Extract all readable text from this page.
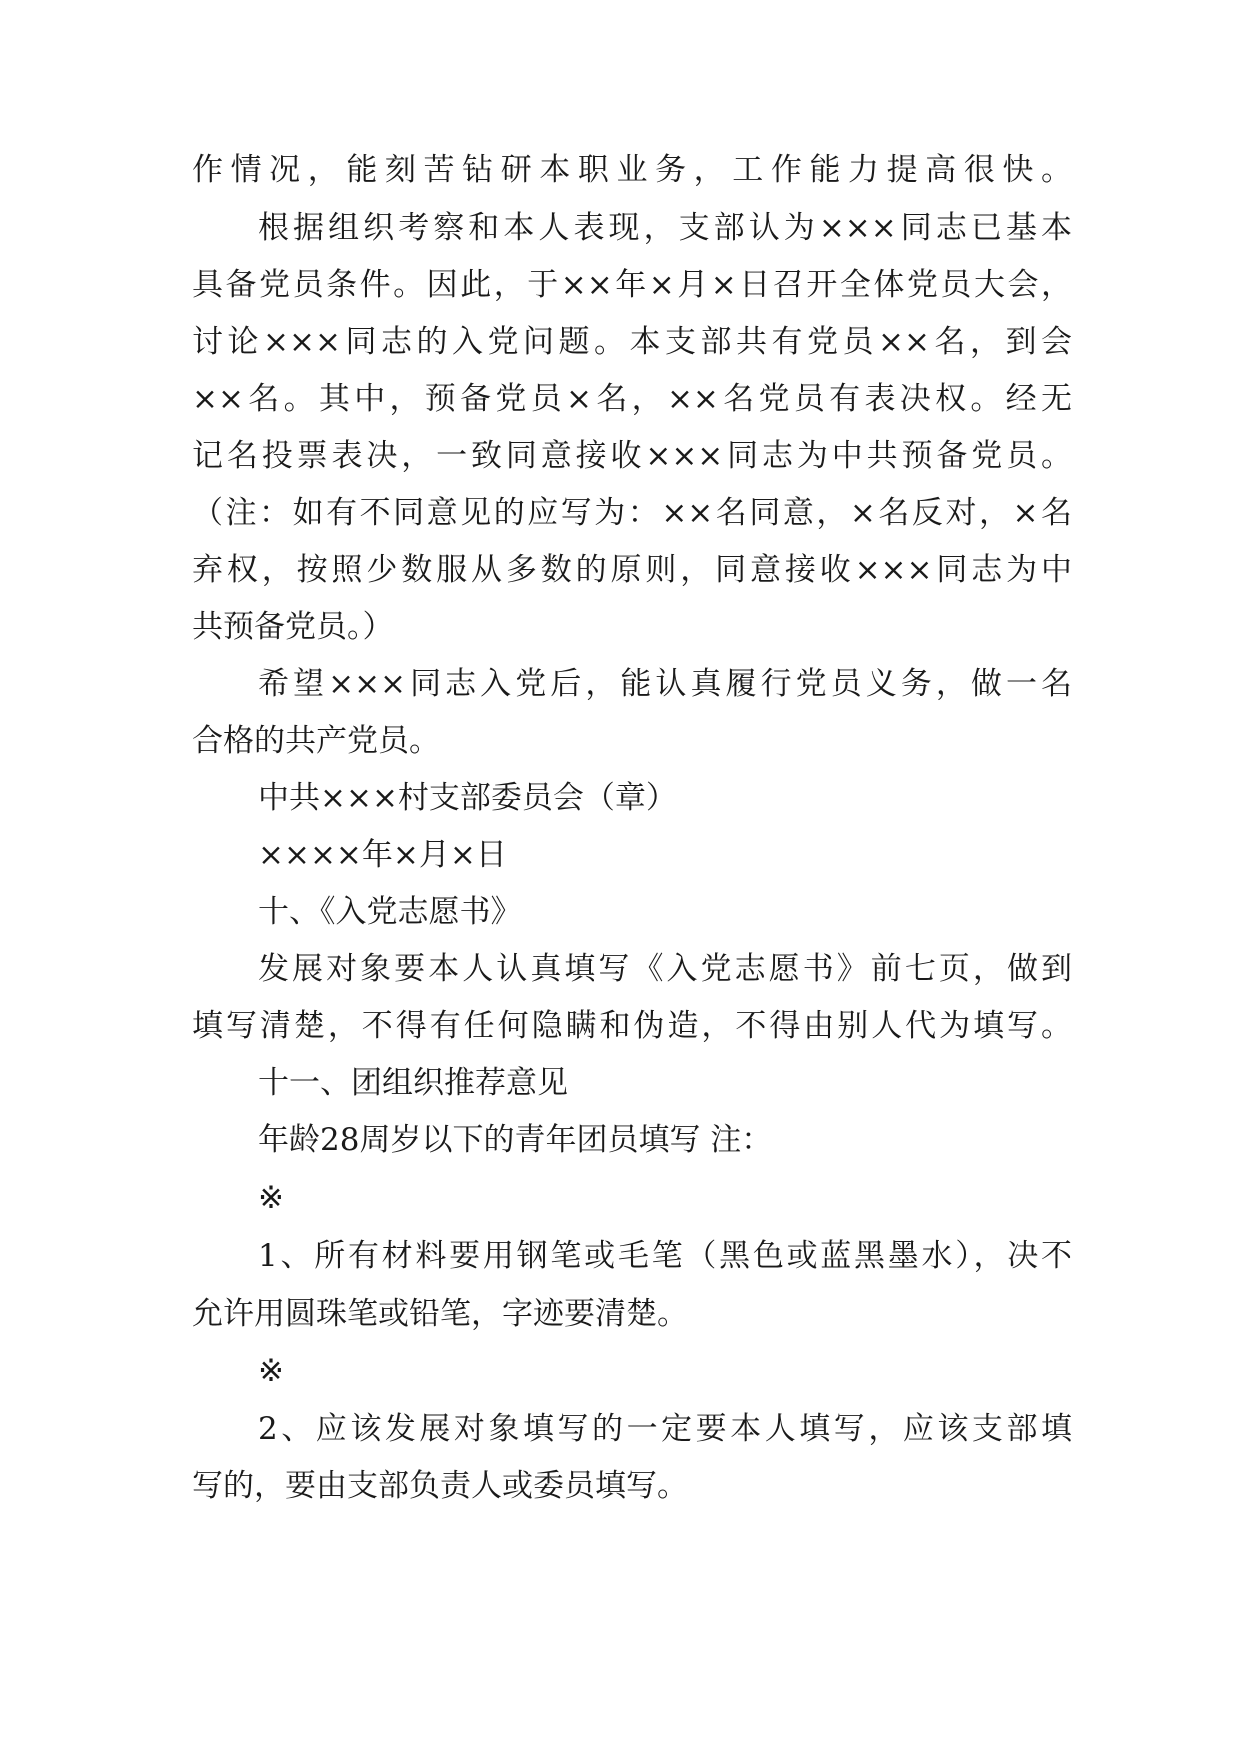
作情况，能刻苦钻研本职业务，工作能力提高很快。
根据组织考察和本人表现，支部认为×××同志已基本
具备党员条件。因此，于××年×月×日召开全体党员大会，
讨论×××同志的入党问题。本支部共有党员××名，到会
××名。其中，预备党员×名，××名党员有表决权。经无
记名投票表决，一致同意接收×××同志为中共预备党员。
（注：如有不同意见的应写为：××名同意，×名反对，×名
弃权，按照少数服从多数的原则，同意接收×××同志为中
共预备党员。）
希望×××同志入党后，能认真履行党员义务，做一名
合格的共产党员。
中共×××村支部委员会（章）
××××年×月×日
十、《入党志愿书》
发展对象要本人认真填写《入党志愿书》前七页，做到
填写清楚，不得有任何隐瞒和伪造，不得由别人代为填写。
十一、团组织推荐意见
年龄28周岁以下的青年团员填写 注：
※
1、所有材料要用钢笔或毛笔（黑色或蓝黑墨水），决不
允许用圆珠笔或铅笔，字迹要清楚。
※
2、应该发展对象填写的一定要本人填写，应该支部填
写的，要由支部负责人或委员填写。
